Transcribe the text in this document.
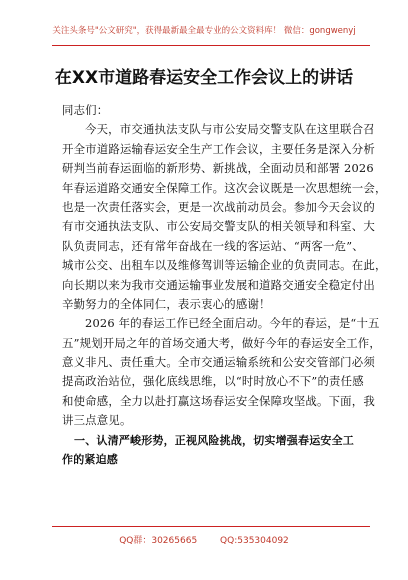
关注头条号"公文研究"，获得最新最全最专业的公文资料库！ 微信：gongwenyj
在XX市道路春运安全工作会议上的讲话
同志们：
今天，市交通执法支队与市公安局交警支队在这里联合召
开全市道路运输春运安全生产工作会议，主要任务是深入分析
研判当前春运面临的新形势、新挑战，全面动员和部署 2026
年春运道路交通安全保障工作。这次会议既是一次思想统一会，
也是一次责任落实会，更是一次战前动员会。参加今天会议的
有市交通执法支队、市公安局交警支队的相关领导和科室、大
队负责同志，还有常年奋战在一线的客运站、“两客一危”、
城市公交、出租车以及维修驾训等运输企业的负责同志。在此，
向长期以来为我市交通运输事业发展和道路交通安全稳定付出
辛勤努力的全体同仁，表示衷心的感谢！
2026 年的春运工作已经全面启动。今年的春运，是“十五
五”规划开局之年的首场交通大考，做好今年的春运安全工作，
意义非凡、责任重大。全市交通运输系统和公安交管部门必须
提高政治站位，强化底线思维，以“时时放心不下”的责任感
和使命感，全力以赴打赢这场春运安全保障攻坚战。下面，我
讲三点意见。
一、认清严峻形势，正视风险挑战，切实增强春运安全工
作的紧迫感
QQ群：30265665	QQ:535304092
